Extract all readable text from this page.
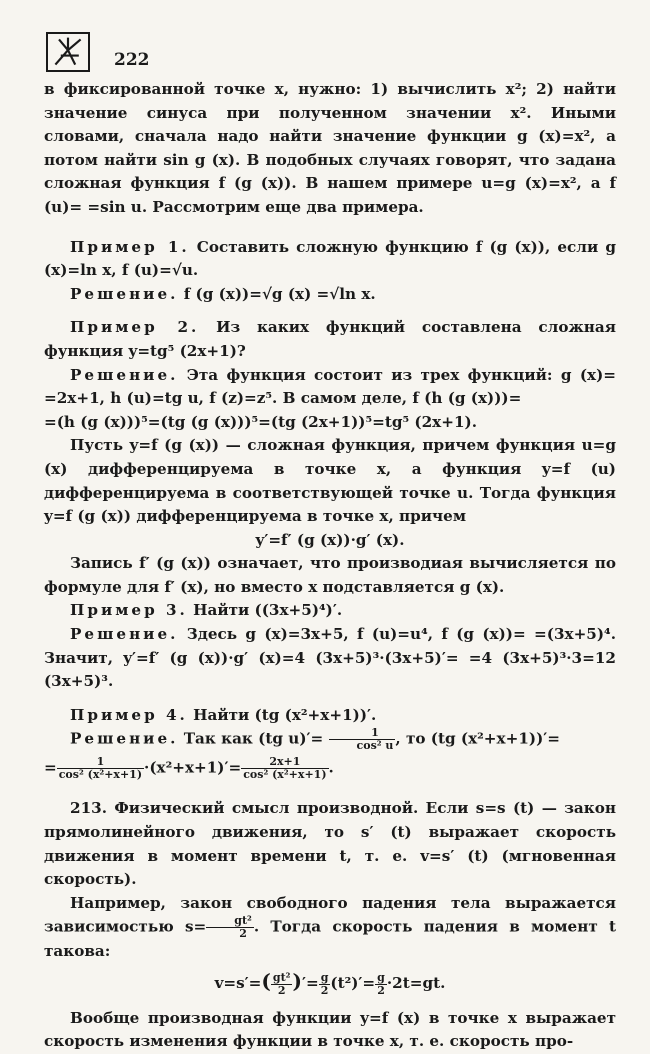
222

в фиксированной точке x, нужно: 1) вычислить x²; 2) найти значение синуса при полученном значении x². Иными словами, сначала надо найти значение функции g (x)=x², а потом найти sin g (x). В подобных случаях говорят, что задана сложная функция f (g (x)). В нашем примере u=g (x)=x², а f (u)= =sin u. Рассмотрим еще два примера.

Пример 1. Составить сложную функцию f (g (x)), если g (x)=ln x, f (u)=√u.

Решение. f (g (x))=√g (x) =√ln x.

Пример 2. Из каких функций составлена сложная функция y=tg⁵ (2x+1)?

Решение. Эта функция состоит из трех функций: g (x)= =2x+1, h (u)=tg u, f (z)=z⁵. В самом деле, f (h (g (x)))=

=(h (g (x)))⁵=(tg (g (x)))⁵=(tg (2x+1))⁵=tg⁵ (2x+1).

Пусть y=f (g (x)) — сложная функция, причем функция u=g (x) дифференцируема в точке x, а функция y=f (u) дифференцируема в соответствующей точке u. Тогда функция y=f (g (x)) дифференцируема в точке x, причем

y′=f′ (g (x))·g′ (x).

Запись f′ (g (x)) означает, что производиая вычисляется по формуле для f′ (x), но вместо x подставляется g (x).

Пример 3. Найти ((3x+5)⁴)′.

Решение. Здесь g (x)=3x+5, f (u)=u⁴, f (g (x))= =(3x+5)⁴. Значит, y′=f′ (g (x))·g′ (x)=4 (3x+5)³·(3x+5)′= =4 (3x+5)³·3=12 (3x+5)³.

Пример 4. Найти (tg (x²+x+1))′.

Решение. Так как (tg $u)'= \frac{1}{\text{cos² u}}$ , то (tg (x²+x+1))′=

= $\frac{1}{\text{cos² (x²+x+1)}} \cdot(x^2+x+1)'= \frac{2x+1}{\text{cos² (x²+x+1)}}$ .

213. Физический смысл производной. Если s=s (t) — закон прямолинейного движения, то s′ (t) выражает скорость движения в момент времени t, т. е. v=s′ (t) (мгновенная скорость).

Например, закон свободного падения тела выражается зависимостью $s= \frac{\text{gt²}}{2}$ . Тогда скорость падения в момент t такова:

$v=s'=( \frac{\text{gt²}}{2}$ )′= $\frac{g}{2} (t^2)'= \frac{g}{2} \cdot 2t=gt$.

Вообще производная функции y=f (x) в точке x выражает скорость изменения функции в точке x, т. е. скорость про-
